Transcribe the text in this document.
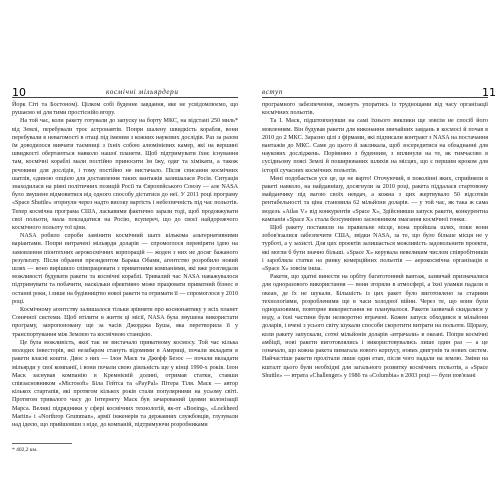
10	космічні мільярдери

Йорк Сіті та Бостоном). Цілком собі буденне завдання, яке не усвідомлюємо, що рушаємо ні для тими простіснійо вгору.

На той час, коли ракету готували до запуску на борту МКС, на відстані 250 миль* від Землі, перебували троє астронавтів. Попри шалену швидкість корабля, вони перебували в невагомості в отаці під іменим з кожних наукових дослідів. Раз за разом їм доводилося вивчати таємниці з їхніх собою алюмінієвих камер, які на вершині швидкості обертаються навколо нашої планети. Щоб підтримувати їхнє існування там, космічні кораблі мали постійно приносити їм їжу, одяг та хімікати, а також речовини для дослідів, і тому постійно не вистачало. Після списання космічних шатлів, єдиною опцією для доставлення таких вантажів залишалася Росія. Ситуація знаходилася на рівні політичних позицій Росії та Європейського Союзу — але NASA було змушене відмовитися від одного способу дістатися до неї. У 2011 році програму «Space Shuttle» згорнули через надто високу вартість і небезпечність під час польотів. Тепер космічна програма США, ласкавими фактично зарази тоді, щоб продовжувати свої польоти, мала покладатися на Росію, всупереч, що до своєї найдорожчого космічного польоту тої ціни.

NASA робило спроби замінити космічний шатл кількома альтернативними варіантами. Попри витрачені мільярди доларів — спромоглося перевіряти ідею на замовлення піонтехних аерокосмічних корпорацій — жоден з них не досяг бажаного результату. Після обрання президентом Барака Обами, агентство розробило новий шлях — воно вирішило співпрацювати з приватними компаніями, які вже розглядали можливості будувати ракети та космічні кораблі. Тривалий час NASA наважувалося підтримувати та побачити, наскільки ефективно може працювати приватний бізнес в останні роки, і лише на будівництво нової ракети та отримати її — спромоглося у 2010 році.

Космічному агентству залишалося тільки зрівняти про космонавтику у всіх планет Сонячної системи. Щоб втілити в життя ці місії, NASA була змушена використати програму, запропоновану ще за часів Джорджа Буша, яка перетворила її у транспортування між Землею та космічною станцією.

Це була можливість, якої так не вистачало приватному космосу. Той час кілька молодих інвесторів, які незабаром стануть відомими в Америці, почали вкладати в ракети власні кошти. Двоє з них — Ілон Маск та Джефф Безос — почали вкладати мільярди у свої компанії, і вони почали свою діяльність ще у кінці 1990-х років. Ілон Маск заснував компанію в Кремнієвій долині, отримав статки, ставши співзасновником «Microsoft» Біла Гейтса та «PayPal» Пітера Тіля. Маск — автор кількох стартапів, які протягом кількох років стали популярними на усьому світі. Протягом тривалого часу до Інтернету Маск був зачарований ідеями колонізації Марса. Великі підрядники у сфері космічних технологій, як-от «Boeing», «Lockheed Martin» і «Northrop Grumman», армії інженерів та державних службовців, глузували над ідеєю, що прийшовши з ніде, до компаній, підтримуючи розробниками

* 402,2 км.
11
вступ

програмного забезпечення, зможуть упоратись із труднощами від часу організації космічних польотів.

Та І. Маск, підштовхнувши на самі їхнього виклики ще зовсім не спосіб його мовленням. Він будував ракети для виконання звичайних завдань в космосі й почав в 2010 до 2 МКС. Заразно цілі з фірмами, які підписали контракт з NASA на постачання вантажів до МКС. Саме до цього й закликала, щоб зосередитися на обладнанні для наукових досліджень. Порівняно з буденним, з вплинули на те, як тимчасово в сусідньому поясі Землі й поширюваних шляхів на місцях, що є першим кроком для історії сучасних космічних польотів.

Мені подобається усе це, це не варто! Оточуючий, в поколінні яких, сприйняли в ракеті навколо, на найдавнішу, досягнули за 2010 році, ракета піддалася стартовому майданчику під вагою своїх невдач, а кожна з цих жертвувало 50 відсотків рентабельності та ціна становила 62 мільйони доларів. — у той час, як така ж сама модель «Atlas V» від конкурентів «Space X», Здійснивши запуск ракети, конкурентна кампанія «Space X» стала безсумнівно засновником змагання космічної гонки.

Щоб ракету поставили на правильне місце, вона пройшла шлях, поки вони зобов'язалися забезпечити США, звідки NASA, за те, що було більше місця не у турботі, а у захисті. Для цих проектів залишається можливість задовольнити проекти, які могли б бути значно більші. «Space X» керувала невеликим числом співробітників і заробляла статки на ринку комерційних польотів — аерокосмічна організація в «Space X» зовсім інша.

Ракети, що здатні винести на орбіту багатотонний вантаж, зазвичай призначалися для одноразового використання — вони згоряли в атмосфері, а їхні уламки падали в океан, де їх не шукали. Більшість із цих ракет було виготовлено за старими технологіями, розробленими ще в часи холодної війни. Через те, що вони були одноразовими, повторне використання не планувалося. Ракети зазвичай скидалися у воду, а їхні частини були незворотно втрачені. Кожен запуск обходився в мільйони доларів, і вчені з усього світу шукали способи скоротити витрати на польоти. Щоразу, коли ракету запускали, сотні мільйонів доларів «втрачали» в океані. Попри космічні амбіції, нові ракети виготовлялись і використовувались лише один раз — а це означало, що кожна ракета вимагала нового корпусу, нових двигунів та нових систем. Найчастіше ракети пролітали лише один етап, після чого падали на землю. Зміни на кшталт цього були необхідні для загального розвитку космічних польотів, а «Space Shuttle» — втрата «Challenger» у 1986 та «Columbia» в 2003 році — були пов'язані
